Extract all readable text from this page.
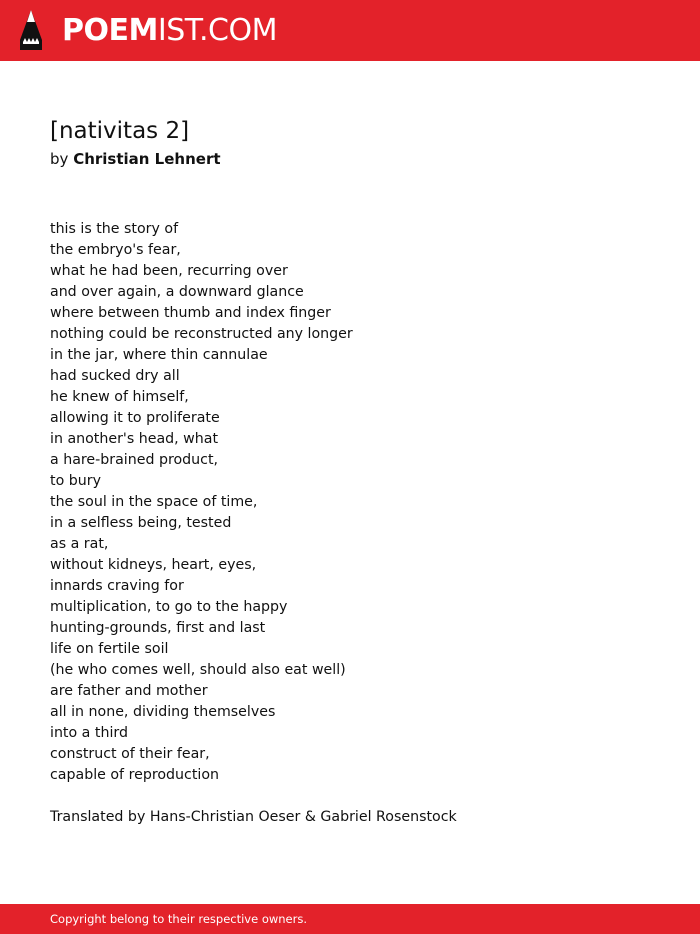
POEMIST.COM
[nativitas 2]
by Christian Lehnert
this is the story of
the embryo's fear,
what he had been, recurring over
and over again, a downward glance
where between thumb and index finger
nothing could be reconstructed any longer
in the jar, where thin cannulae
had sucked dry all
he knew of himself,
allowing it to proliferate
in another's head, what
a hare-brained product,
to bury
the soul in the space of time,
in a selfless being, tested
as a rat,
without kidneys, heart, eyes,
innards craving for
multiplication, to go to the happy
hunting-grounds, first and last
life on fertile soil
(he who comes well, should also eat well)
are father and mother
all in none, dividing themselves
into a third
construct of their fear,
capable of reproduction
Translated by Hans-Christian Oeser & Gabriel Rosenstock
Copyright belong to their respective owners.
